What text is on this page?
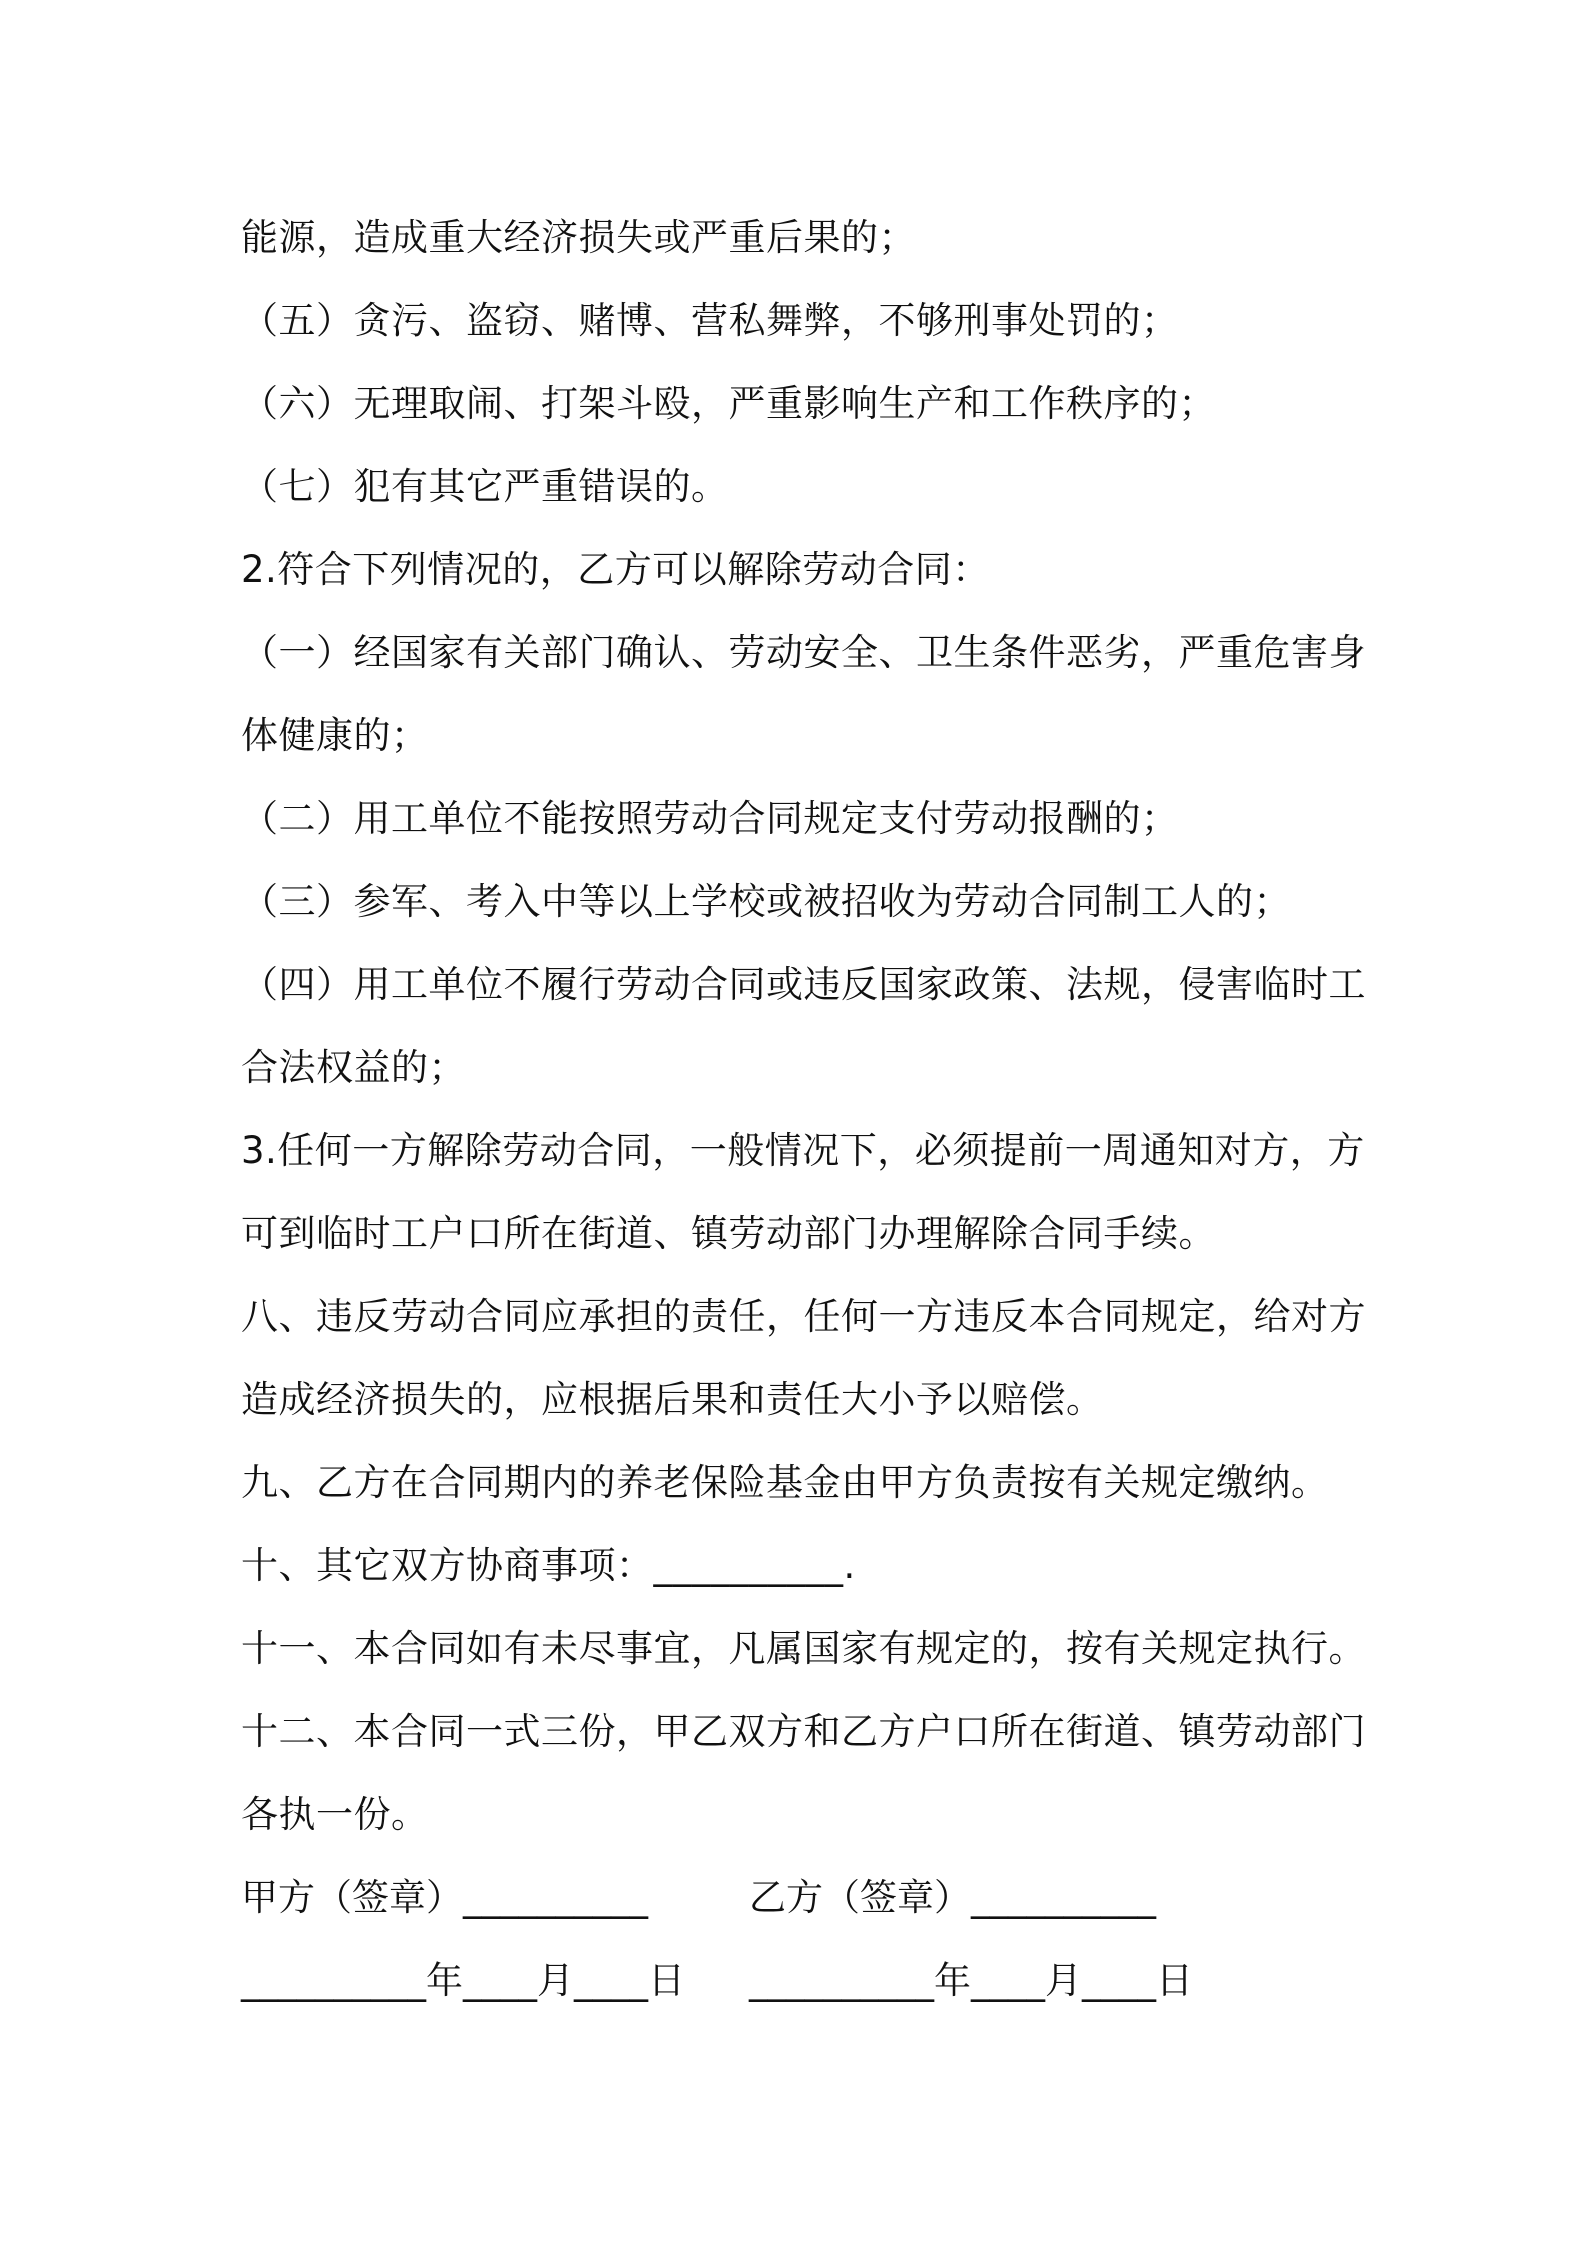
能源，造成重大经济损失或严重后果的；
（五）贪污、盗窃、赌博、营私舞弊，不够刑事处罚的；
（六）无理取闹、打架斗殴，严重影响生产和工作秩序的；
（七）犯有其它严重错误的。
2.符合下列情况的，乙方可以解除劳动合同：
（一）经国家有关部门确认、劳动安全、卫生条件恶劣，严重危害身
体健康的；
（二）用工单位不能按照劳动合同规定支付劳动报酬的；
（三）参军、考入中等以上学校或被招收为劳动合同制工人的；
（四）用工单位不履行劳动合同或违反国家政策、法规，侵害临时工
合法权益的；
3.任何一方解除劳动合同，一般情况下，必须提前一周通知对方，方
可到临时工户口所在街道、镇劳动部门办理解除合同手续。
八、违反劳动合同应承担的责任，任何一方违反本合同规定，给对方
造成经济损失的，应根据后果和责任大小予以赔偿。
九、乙方在合同期内的养老保险基金由甲方负责按有关规定缴纳。
十、其它双方协商事项：__________.
十一、本合同如有未尽事宜，凡属国家有规定的，按有关规定执行。
十二、本合同一式三份，甲乙双方和乙方户口所在街道、镇劳动部门
各执一份。
甲方（签章）__________	乙方（签章）__________
__________年____月____日 __________年____月____日
